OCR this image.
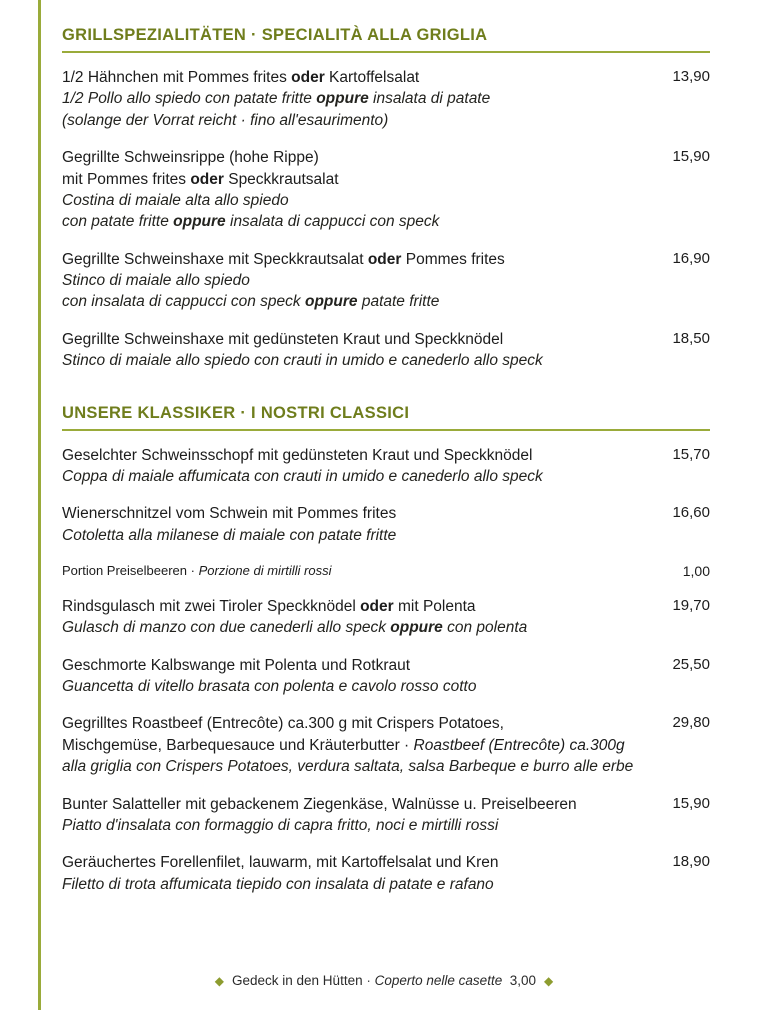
GRILLSPEZIALITÄTEN · SPECIALITÀ ALLA GRIGLIA
1/2 Hähnchen mit Pommes frites oder Kartoffelsalat
1/2 Pollo allo spiedo con patate fritte oppure insalata di patate
(solange der Vorrat reicht · fino all'esaurimento)
13,90
Gegrillte Schweinsrippe (hohe Rippe)
mit Pommes frites oder Speckkrautsalat
Costina di maiale alta allo spiedo
con patate fritte oppure insalata di cappucci con speck
15,90
Gegrillte Schweinshaxe mit Speckkrautsalat oder Pommes frites
Stinco di maiale allo spiedo
con insalata di cappucci con speck oppure patate fritte
16,90
Gegrillte Schweinshaxe mit gedünsteten Kraut und Speckknödel
Stinco di maiale allo spiedo con crauti in umido e canederlo allo speck
18,50
UNSERE KLASSIKER · I NOSTRI CLASSICI
Geselchter Schweinsschopf mit gedünsteten Kraut und Speckknödel
Coppa di maiale affumicata con crauti in umido e canederlo allo speck
15,70
Wienerschnitzel vom Schwein mit Pommes frites
Cotoletta alla milanese di maiale con patate fritte
16,60
Portion Preiselbeeren · Porzione di mirtilli rossi	1,00
Rindsgulasch mit zwei Tiroler Speckknödel oder mit Polenta
Gulasch di manzo con due canederli allo speck oppure con polenta
19,70
Geschmorte Kalbswange mit Polenta und Rotkraut
Guancetta di vitello brasata con polenta e cavolo rosso cotto
25,50
Gegrilltes Roastbeef (Entrecôte) ca.300 g mit Crispers Potatoes,
Mischgemüse, Barbequesauce und Kräuterbutter · Roastbeef (Entrecôte) ca.300g
alla griglia con Crispers Potatoes, verdura saltata, salsa Barbeque e burro alle erbe
29,80
Bunter Salatteller mit gebackenem Ziegenkäse, Walnüsse u. Preiselbeeren
Piatto d'insalata con formaggio di capra fritto, noci e mirtilli rossi
15,90
Geräuchertes Forellenfilet, lauwarm, mit Kartoffelsalat und Kren
Filetto di trota affumicata tiepido con insalata di patate e rafano
18,90
◆ Gedeck in den Hütten · Coperto nelle casette 3,00 ◆
